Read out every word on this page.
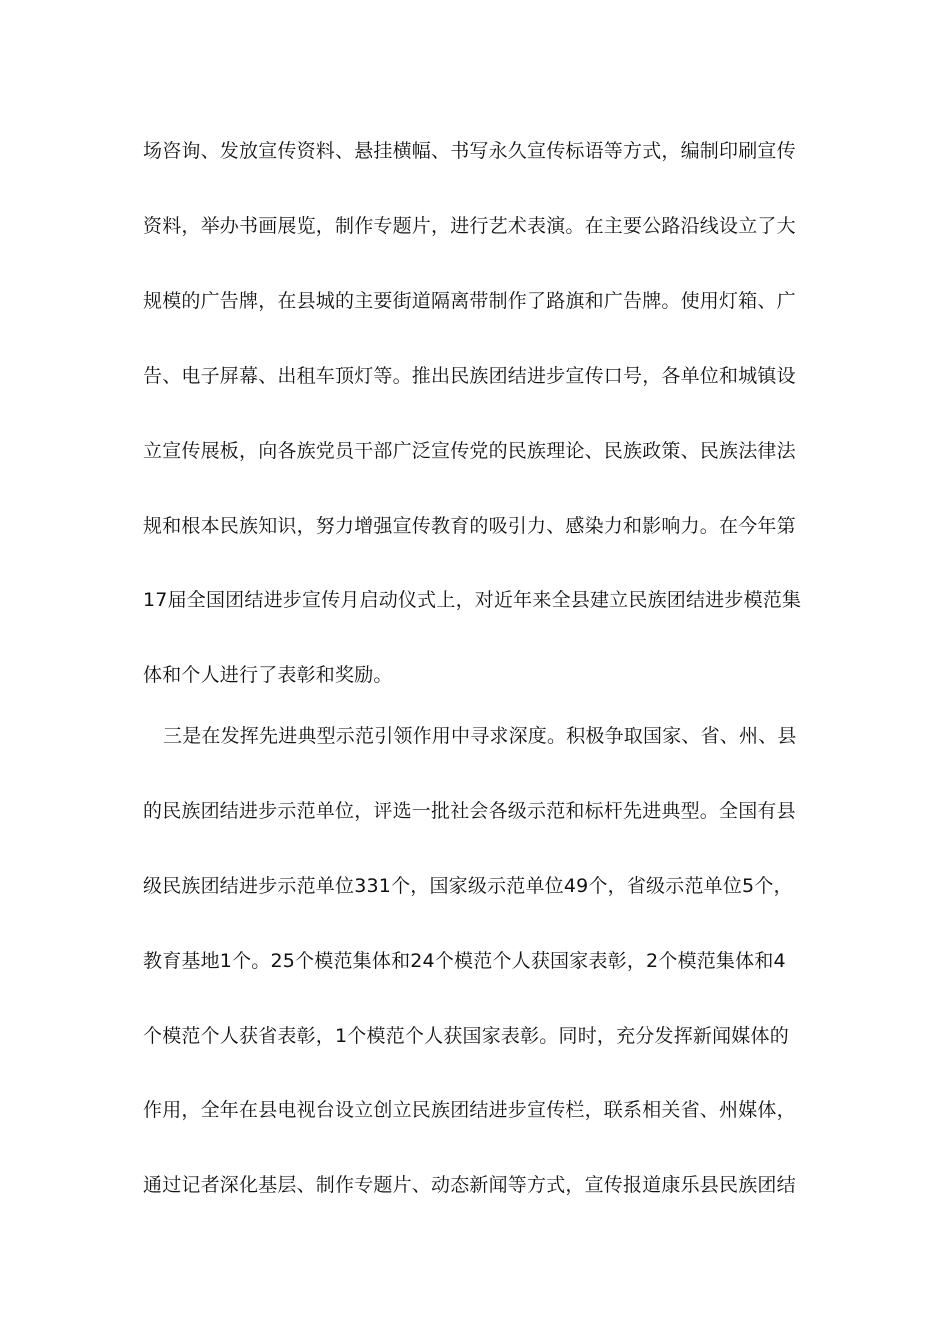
场咨询、发放宣传资料、悬挂横幅、书写永久宣传标语等方式，编制印刷宣传
资料，举办书画展览，制作专题片，进行艺术表演。在主要公路沿线设立了大
规模的广告牌，在县城的主要街道隔离带制作了路旗和广告牌。使用灯箱、广
告、电子屏幕、出租车顶灯等。推出民族团结进步宣传口号，各单位和城镇设
立宣传展板，向各族党员干部广泛宣传党的民族理论、民族政策、民族法律法
规和根本民族知识，努力增强宣传教育的吸引力、感染力和影响力。在今年第
17届全国团结进步宣传月启动仪式上，对近年来全县建立民族团结进步模范集
体和个人进行了表彰和奖励。
三是在发挥先进典型示范引领作用中寻求深度。积极争取国家、省、州、县
的民族团结进步示范单位，评选一批社会各级示范和标杆先进典型。全国有县
级民族团结进步示范单位331个，国家级示范单位49个，省级示范单位5个，
教育基地1个。25个模范集体和24个模范个人获国家表彰，2个模范集体和4
个模范个人获省表彰，1个模范个人获国家表彰。同时，充分发挥新闻媒体的
作用，全年在县电视台设立创立民族团结进步宣传栏，联系相关省、州媒体，
通过记者深化基层、制作专题片、动态新闻等方式，宣传报道康乐县民族团结
